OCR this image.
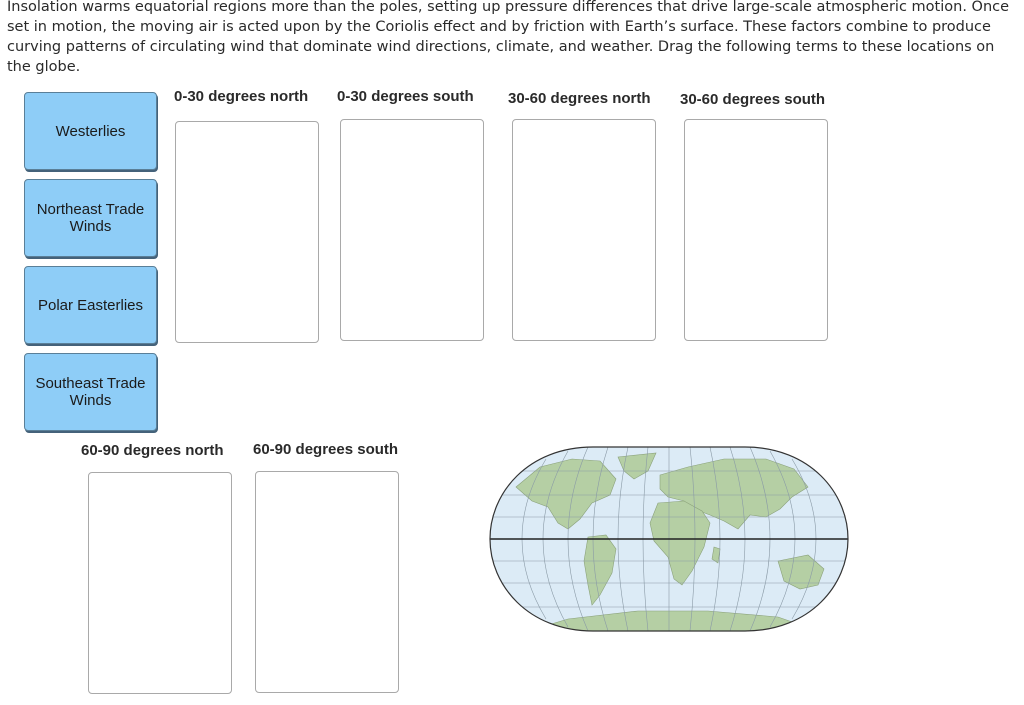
Insolation warms equatorial regions more than the poles, setting up pressure differences that drive large-scale atmospheric motion. Once set in motion, the moving air is acted upon by the Coriolis effect and by friction with Earth’s surface. These factors combine to produce curving patterns of circulating wind that dominate wind directions, climate, and weather. Drag the following terms to these locations on the globe.
Westerlies
Northeast Trade Winds
Polar Easterlies
Southeast Trade Winds
0-30 degrees north 0-30 degrees south 30-60 degrees north 30-60 degrees south
60-90 degrees north 60-90 degrees south
